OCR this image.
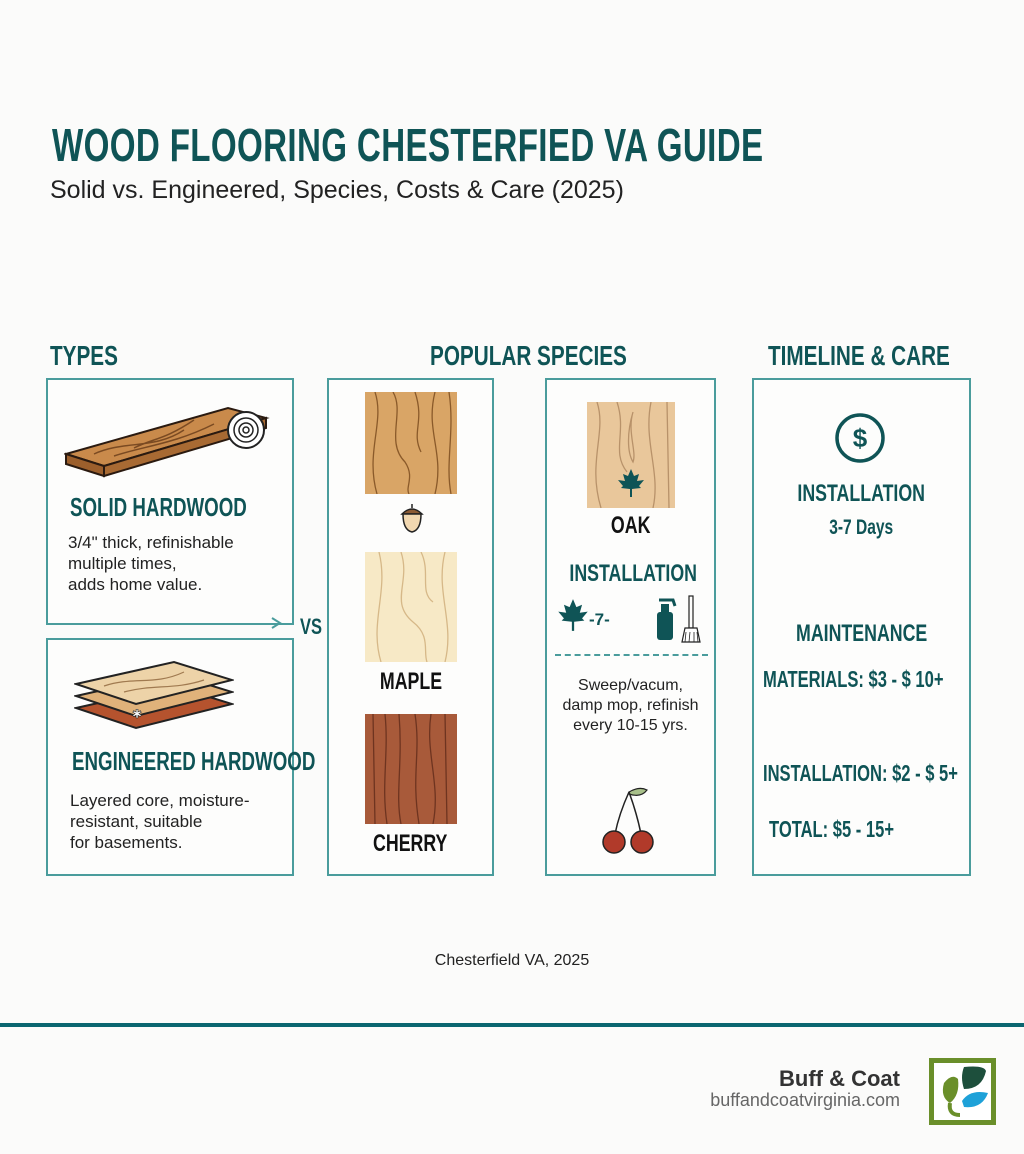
WOOD FLOORING CHESTERFIED VA GUIDE
Solid vs. Engineered, Species, Costs & Care (2025)
TYPES	POPULAR SPECIES	TIMELINE & CARE
SOLID HARDWOOD
3/4" thick, refinishable
multiple times,
adds home value.
VS
✱
ENGINEERED HARDWOOD
Layered core, moisture-
resistant, suitable
for basements.
MAPLE
CHERRY
OAK
INSTALLATION
-7-
Sweep/vacum,
damp mop, refinish
every 10-15 yrs.
$
INSTALLATION
3-7 Days
MAINTENANCE
MATERIALS: $3 - $ 10+
INSTALLATION: $2 - $ 5+
TOTAL: $5 - 15+
Chesterfield VA, 2025
Buff & Coat
buffandcoatvirginia.com
